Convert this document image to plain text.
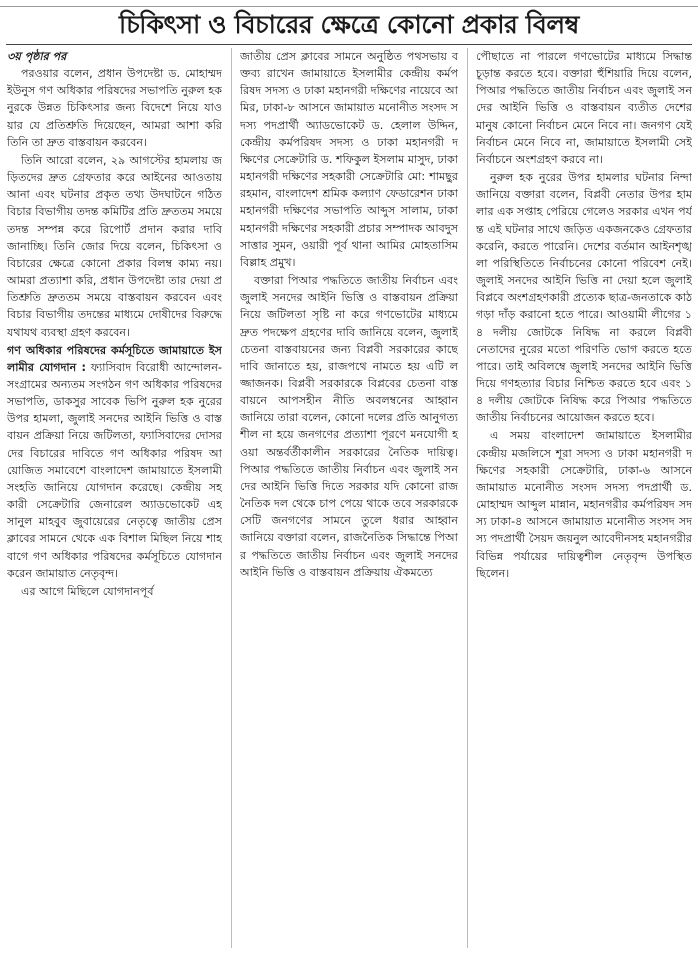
চিকিৎসা ও বিচারের ক্ষেত্রে কোনো প্রকার বিলম্ব
৩য় পৃষ্ঠার পর

পরওয়ার বলেন, প্রধান উপদেষ্টা ড. মোহাম্মদ ইউনুস গণ অধিকার পরিষদের সভাপতি নুরুল হক নুরকে উন্নত চিকিৎসার জন্য বিদেশে নিয়ে যাওয়ার যে প্রতিশ্রুতি দিয়েছেন, আমরা আশা করি তিনি তা দ্রুত বাস্তবায়ন করবেন।

তিনি আরো বলেন, ২৯ আগস্টের হামলায় জড়িতদের দ্রুত গ্রেফতার করে আইনের আওতায় আনা এবং ঘটনার প্রকৃত তথ্য উদঘাটনে গঠিত বিচার বিভাগীয় তদন্ত কমিটির প্রতি দ্রুততম সময়ে তদন্ত সম্পন্ন করে রিপোর্ট প্রদান করার দাবি জানাচ্ছি। তিনি জোর দিয়ে বলেন, চিকিৎসা ও বিচারের ক্ষেত্রে কোনো প্রকার বিলম্ব কাম্য নয়। আমরা প্রত্যাশা করি, প্রধান উপদেষ্টা তার দেয়া প্রতিশ্রুতি দ্রুততম সময়ে বাস্তবায়ন করবেন এবং বিচার বিভাগীয় তদন্তের মাধ্যমে দোষীদের বিরুদ্ধে যথাযথ ব্যবস্থা গ্রহণ করবেন।

গণ অধিকার পরিষদের কর্মসূচিতে জামায়াতে ইসলামীর যোগদান : ফ্যাসিবাদ বিরোধী আন্দোলন-সংগ্রামের অন্যতম সংগঠন গণ অধিকার পরিষদের সভাপতি, ডাকসুর সাবেক ভিপি নুরুল হক নুরের উপর হামলা, জুলাই সনদের আইনি ভিত্তি ও বাস্তবায়ন প্রক্রিয়া নিয়ে জটিলতা, ফ্যাসিবাদের দোসরদের বিচারের দাবিতে গণ অধিকার পরিষদ আয়োজিত সমাবেশে বাংলাদেশ জামায়াতে ইসলামী সংহতি জানিয়ে যোগদান করেছে। কেন্দ্রীয় সহকারী সেক্রেটারি জেনারেল অ্যাডভোকেট এহসানুল মাহবুব জুবায়েরের নেতৃত্বে জাতীয় প্রেস ক্লাবের সামনে থেকে এক বিশাল মিছিল নিয়ে শাহবাগে গণ অধিকার পরিষদের কর্মসূচিতে যোগদান করেন জামায়াত নেতৃবৃন্দ।

এর আগে মিছিলে যোগদানপূর্ব

জাতীয় প্রেস ক্লাবের সামনে অনুষ্ঠিত পথসভায় বক্তব্য রাখেন জামায়াতে ইসলামীর কেন্দ্রীয় কর্মপরিষদ সদস্য ও ঢাকা মহানগরী দক্ষিণের নায়েবে আমির, ঢাকা-৮ আসনে জামায়াত মনোনীত সংসদ সদস্য পদপ্রার্থী অ্যাডভোকেট ড. হেলাল উদ্দিন, কেন্দ্রীয় কর্মপরিষদ সদস্য ও ঢাকা মহানগরী দক্ষিণের সেক্রেটারি ড. শফিকুল ইসলাম মাসুদ, ঢাকা মহানগরী দক্ষিণের সহকারী সেক্রেটারি মো: শামছুর রহমান, বাংলাদেশ শ্রমিক কল্যাণ ফেডারেশন ঢাকা মহানগরী দক্ষিণের সভাপতি আব্দুস সালাম, ঢাকা মহানগরী দক্ষিণের সহকারী প্রচার সম্পাদক আবদুস সাত্তার সুমন, ওয়ারী পূর্ব থানা আমির মোহতাসিম বিল্লাহ প্রমুখ।

বক্তারা পিআর পদ্ধতিতে জাতীয় নির্বাচন এবং জুলাই সনদের আইনি ভিত্তি ও বাস্তবায়ন প্রক্রিয়া নিয়ে জটিলতা সৃষ্টি না করে গণভোটের মাধ্যমে দ্রুত পদক্ষেপ গ্রহণের দাবি জানিয়ে বলেন, জুলাই চেতনা বাস্তবায়নের জন্য বিপ্লবী সরকারের কাছে দাবি জানাতে হয়, রাজপথে নামতে হয় এটি লজ্জাজনক। বিপ্লবী সরকারকে বিপ্লবের চেতনা বাস্তবায়নে আপসহীন নীতি অবলম্বনের আহ্বান জানিয়ে তারা বলেন, কোনো দলের প্রতি আনুগত্যশীল না হয়ে জনগণের প্রত্যাশা পূরণে মনযোগী হওয়া অন্তর্বর্তীকালীন সরকারের নৈতিক দায়িত্ব। পিআর পদ্ধতিতে জাতীয় নির্বাচন এবং জুলাই সনদের আইনি ভিত্তি দিতে সরকার যদি কোনো রাজনৈতিক দল থেকে চাপ পেয়ে থাকে তবে সরকারকে সেটি জনগণের সামনে তুলে ধরার আহ্বান জানিয়ে বক্তারা বলেন, রাজনৈতিক সিদ্ধান্তে পিআর পদ্ধতিতে জাতীয় নির্বাচন এবং জুলাই সনদের আইনি ভিত্তি ও বাস্তবায়ন প্রক্রিয়ায় ঐকমত্যে

পৌছাতে না পারলে গণভোটের মাধ্যমে সিদ্ধান্ত চূড়ান্ত করতে হবে। বক্তারা হুঁশিয়ারি দিয়ে বলেন, পিআর পদ্ধতিতে জাতীয় নির্বাচন এবং জুলাই সনদের আইনি ভিত্তি ও বাস্তবায়ন ব্যতীত দেশের মানুষ কোনো নির্বাচন মেনে নিবে না। জনগণ যেই নির্বাচন মেনে নিবে না, জামায়াতে ইসলামী সেই নির্বাচনে অংশগ্রহণ করবে না।

নুরুল হক নুরের উপর হামলার ঘটনার নিন্দা জানিয়ে বক্তারা বলেন, বিপ্লবী নেতার উপর হামলার এক সপ্তাহ পেরিয়ে গেলেও সরকার এখন পর্যন্ত এই ঘটনার সাথে জড়িত একজনকেও গ্রেফতার করেনি, করতে পারেনি। দেশের বর্তমান আইনশৃঙ্খলা পরিস্থিতিতে নির্বাচনের কোনো পরিবেশ নেই। জুলাই সনদের আইনি ভিত্তি না দেয়া হলে জুলাই বিপ্লবে অংশগ্রহণকারী প্রত্যেক ছাত্র-জনতাকে কাঠগড়া দাঁড় করানো হতে পারে। আওয়ামী লীগের ১৪ দলীয় জোটকে নিষিদ্ধ না করলে বিপ্লবী নেতাদের নুরের মতো পরিণতি ভোগ করতে হতে পারে। তাই অবিলম্বে জুলাই সনদের আইনি ভিত্তি দিয়ে গণহত্যার বিচার নিশ্চিত করতে হবে এবং ১৪ দলীয় জোটকে নিষিদ্ধ করে পিআর পদ্ধতিতে জাতীয় নির্বাচনের আয়োজন করতে হবে।

এ সময় বাংলাদেশ জামায়াতে ইসলামীর কেন্দ্রীয় মজলিসে শূরা সদস্য ও ঢাকা মহানগরী দক্ষিণের সহকারী সেক্রেটারি, ঢাকা-৬ আসনে জামায়াত মনোনীত সংসদ সদস্য পদপ্রার্থী ড. মোহাম্মদ আব্দুল মান্নান, মহানগরীর কর্মপরিষদ সদস্য ঢাকা-৪ আসনে জামায়াত মনোনীত সংসদ সদস্য পদপ্রার্থী সৈয়দ জয়নুল আবেদীনসহ মহানগরীর বিভিন্ন পর্যায়ের দায়িত্বশীল নেতৃবৃন্দ উপস্থিত ছিলেন।
